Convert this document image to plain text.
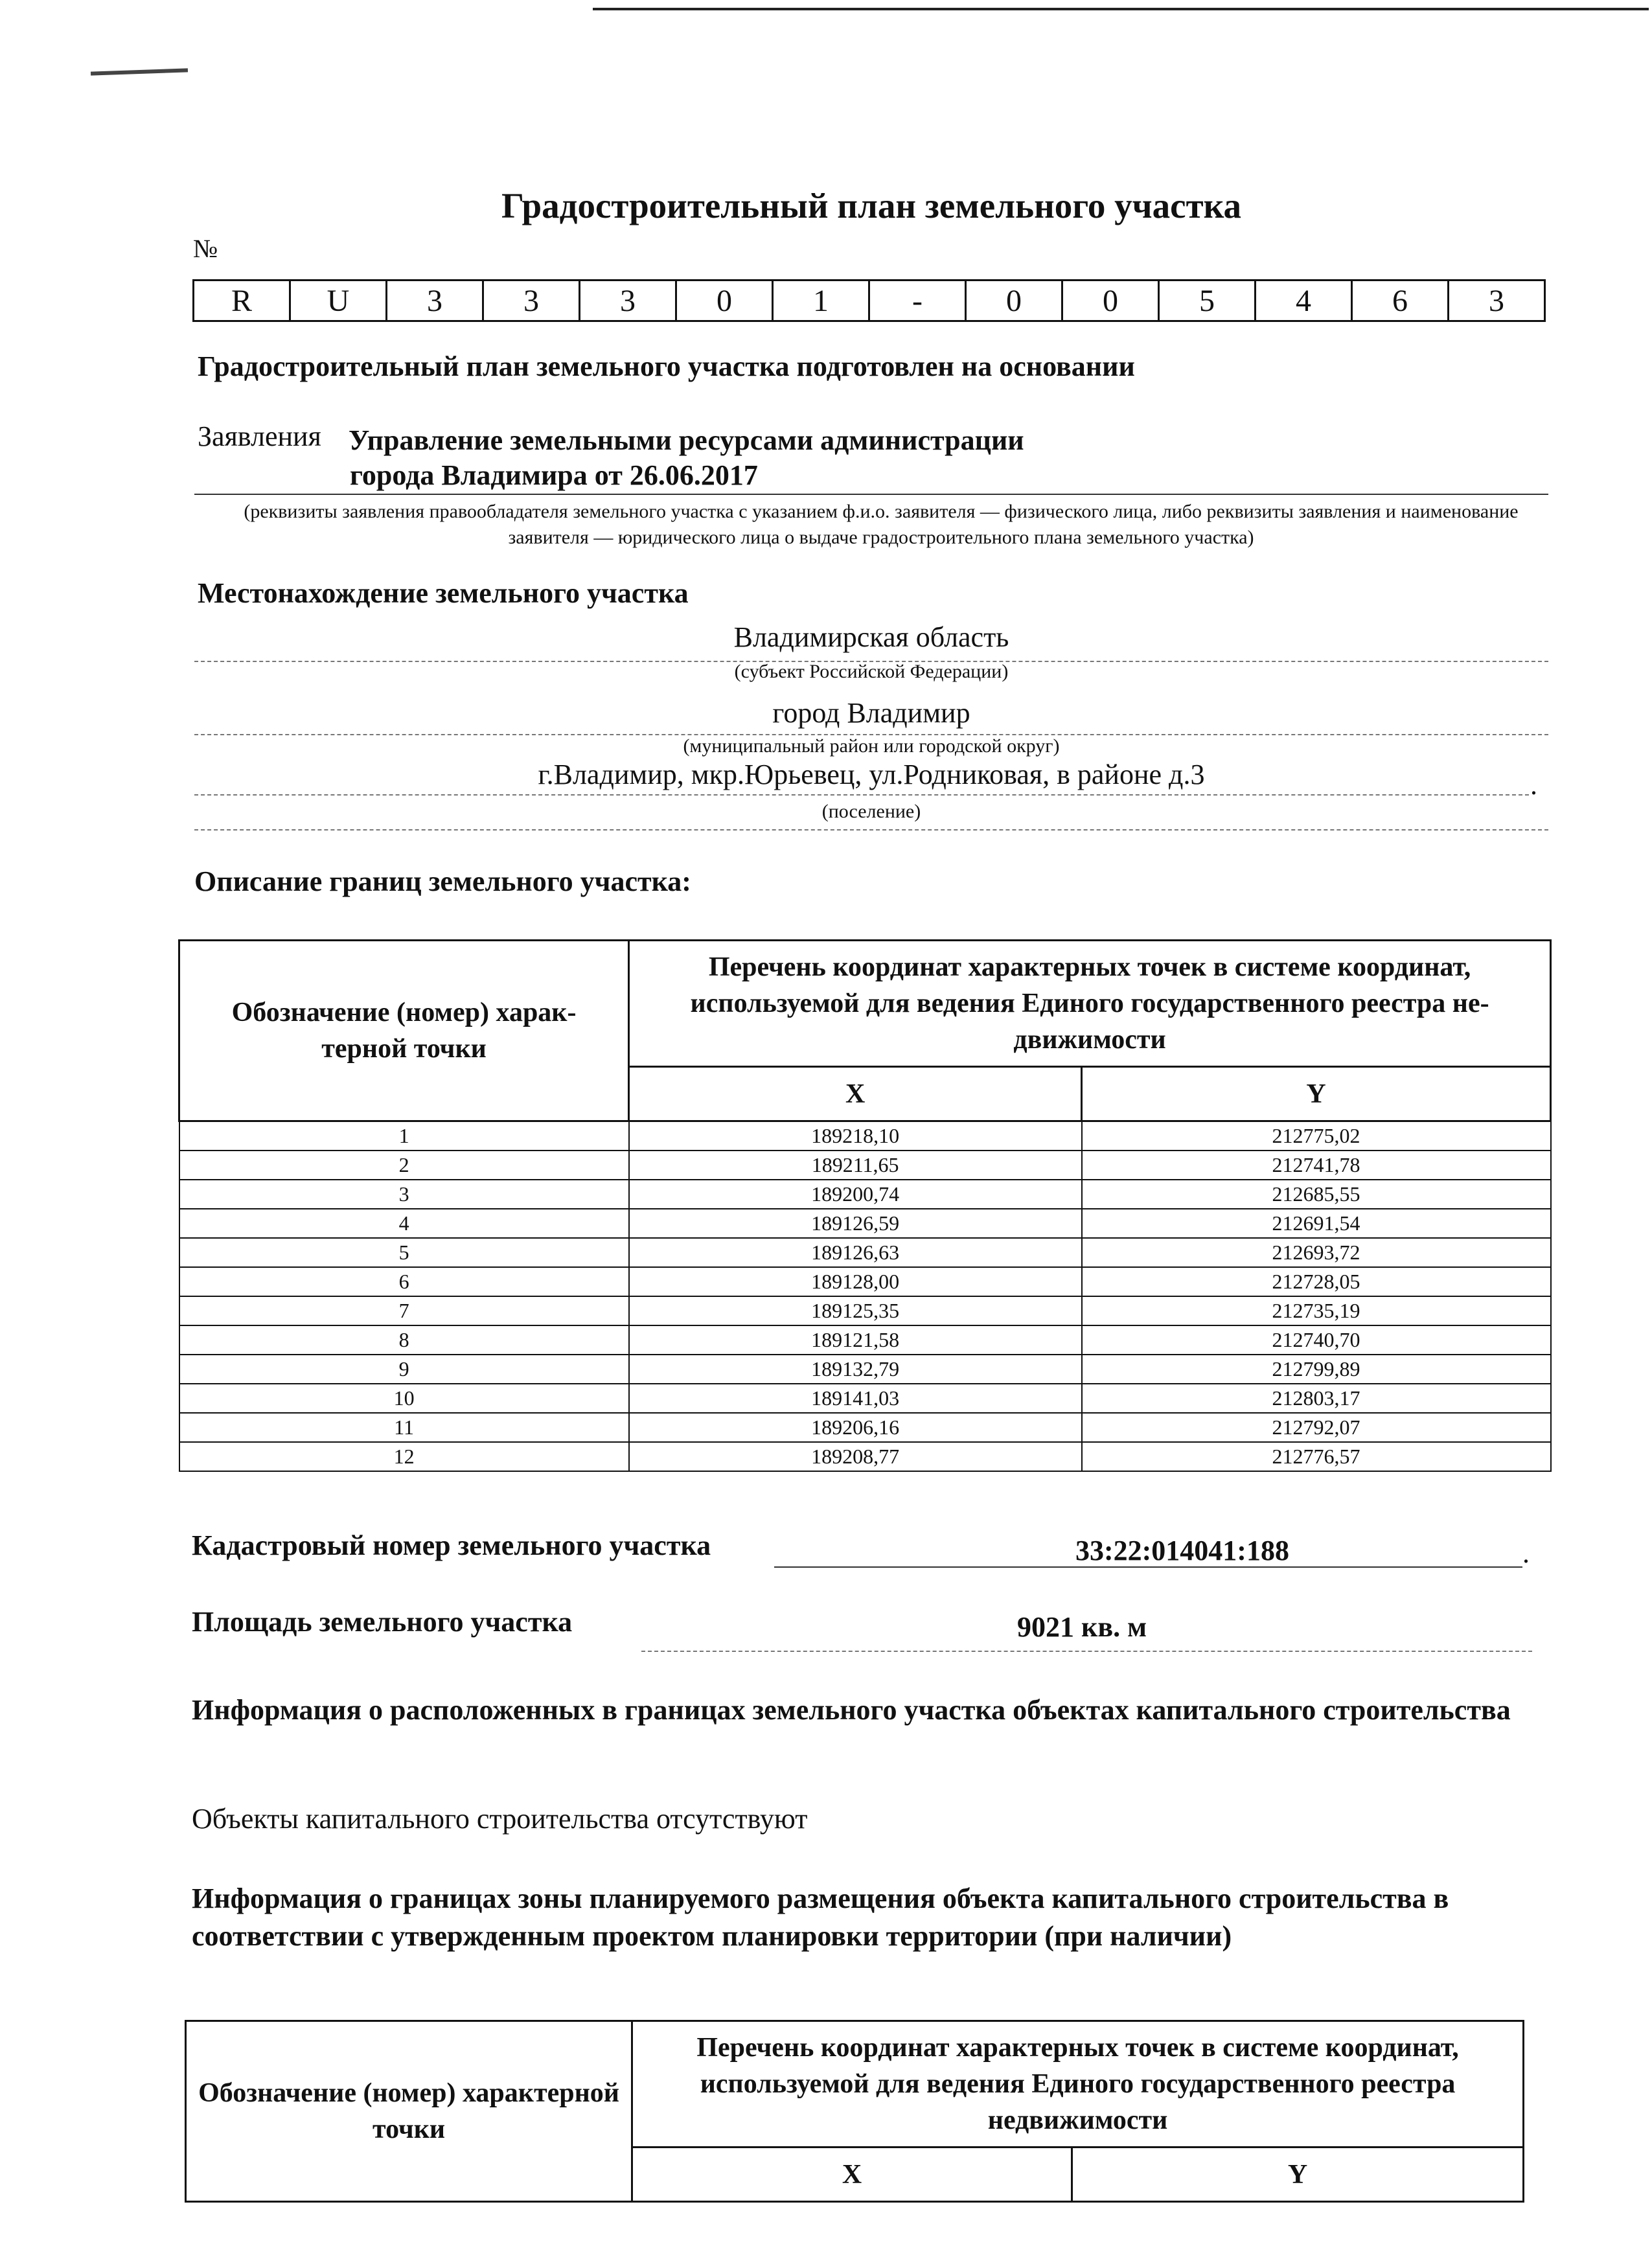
Градостроительный план земельного участка
№
R	U	3	3	3	0	1	-	0	0	5	4	6	3
Градостроительный план земельного участка подготовлен на основании
Заявления Управление земельными ресурсами администрации
города Владимира от 26.06.2017
(реквизиты заявления правообладателя земельного участка с указанием ф.и.о. заявителя — физического лица, либо реквизиты заявления и наименование заявителя — юридического лица о выдаче градостроительного плана земельного участка)
Местонахождение земельного участка
Владимирская область
(субъект Российской Федерации)
город Владимир
(муниципальный район или городской округ)
г.Владимир, мкр.Юрьевец, ул.Родниковая, в районе д.3	.
(поселение)
Описание границ земельного участка:
Обозначение (номер) харак-терной точки	Перечень координат характерных точек в системе координат, используемой для ведения Единого государственного реестра не-движимости	
	X	Y
1	189218,10	212775,02
2	189211,65	212741,78
3	189200,74	212685,55
4	189126,59	212691,54
5	189126,63	212693,72
6	189128,00	212728,05
7	189125,35	212735,19
8	189121,58	212740,70
9	189132,79	212799,89
10	189141,03	212803,17
11	189206,16	212792,07
12	189208,77	212776,57
Кадастровый номер земельного участка	33:22:014041:188	.
Площадь земельного участка	9021 кв. м
Информация о расположенных в границах земельного участка объектах капитального строительства
Объекты капитального строительства отсутствуют
Информация о границах зоны планируемого размещения объекта капитального строительства в соответствии с утвержденным проектом планировки территории (при наличии)
Обозначение (номер) характерной точки	Перечень координат характерных точек в системе координат, используемой для ведения Единого государственного реестра недвижимости	
	X	Y
